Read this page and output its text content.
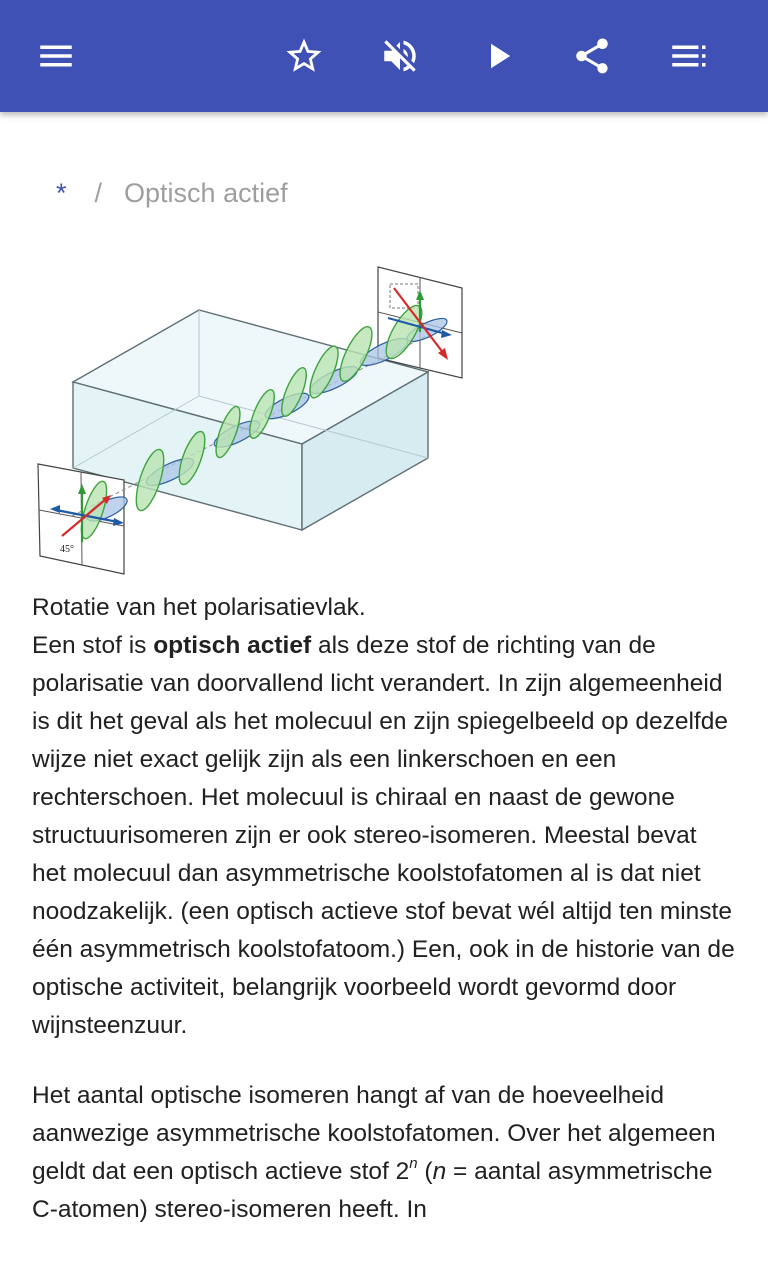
* / Optisch actief
45°

Rotatie van het polarisatievlak.

Een stof is optisch actief als deze stof de richting van de polarisatie van doorvallend licht verandert. In zijn algemeenheid is dit het geval als het molecuul en zijn spiegelbeeld op dezelfde wijze niet exact gelijk zijn als een linkerschoen en een rechterschoen. Het molecuul is chiraal en naast de gewone structuurisomeren zijn er ook stereo-isomeren. Meestal bevat het molecuul dan asymmetrische koolstofatomen al is dat niet noodzakelijk. (een optisch actieve stof bevat wél altijd ten minste één asymmetrisch koolstofatoom.) Een, ook in de historie van de optische activiteit, belangrijk voorbeeld wordt gevormd door wijnsteenzuur.

Het aantal optische isomeren hangt af van de hoeveelheid aanwezige asymmetrische koolstofatomen. Over het algemeen geldt dat een optisch actieve stof 2$^n$ (n = aantal asymmetrische C-atomen) stereo-isomeren heeft. In
